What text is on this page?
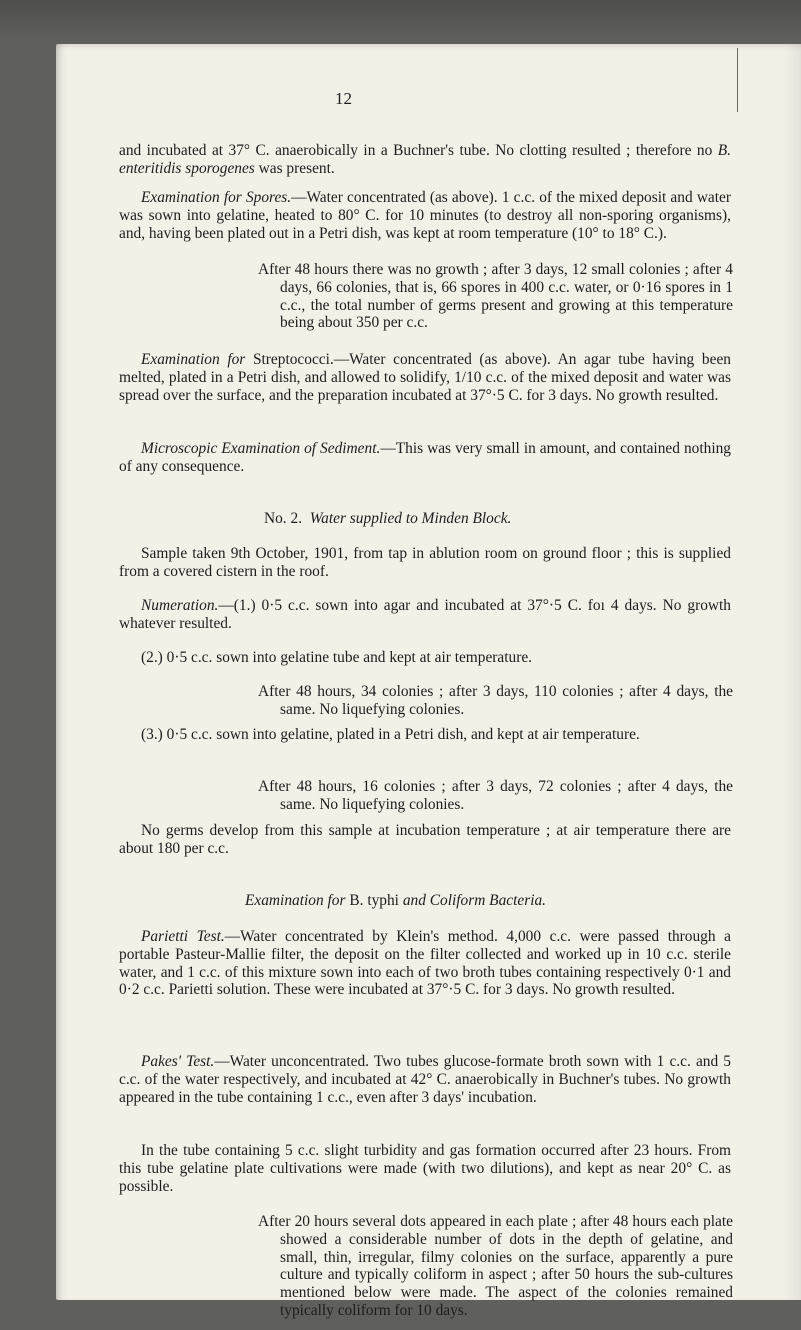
12

and incubated at 37° C. anaerobically in a Buchner's tube. No clotting resulted ; therefore no B. enteritidis sporogenes was present.

Examination for Spores.—Water concentrated (as above). 1 c.c. of the mixed deposit and water was sown into gelatine, heated to 80° C. for 10 minutes (to destroy all non-sporing organisms), and, having been plated out in a Petri dish, was kept at room temperature (10° to 18° C.).

After 48 hours there was no growth ; after 3 days, 12 small colonies ; after 4 days, 66 colonies, that is, 66 spores in 400 c.c. water, or 0·16 spores in 1 c.c., the total number of germs present and growing at this temperature being about 350 per c.c.

Examination for Streptococci.—Water concentrated (as above). An agar tube having been melted, plated in a Petri dish, and allowed to solidify, 1/10 c.c. of the mixed deposit and water was spread over the surface, and the preparation incubated at 37°·5 C. for 3 days. No growth resulted.

Microscopic Examination of Sediment.—This was very small in amount, and contained nothing of any consequence.

No. 2. Water supplied to Minden Block.

Sample taken 9th October, 1901, from tap in ablution room on ground floor ; this is supplied from a covered cistern in the roof.

Numeration.—(1.) 0·5 c.c. sown into agar and incubated at 37°·5 C. foı 4 days. No growth whatever resulted.

(2.) 0·5 c.c. sown into gelatine tube and kept at air temperature.

After 48 hours, 34 colonies ; after 3 days, 110 colonies ; after 4 days, the same. No liquefying colonies.

(3.) 0·5 c.c. sown into gelatine, plated in a Petri dish, and kept at air temperature.

After 48 hours, 16 colonies ; after 3 days, 72 colonies ; after 4 days, the same. No liquefying colonies.

No germs develop from this sample at incubation temperature ; at air temperature there are about 180 per c.c.

Examination for B. typhi and Coliform Bacteria.

Parietti Test.—Water concentrated by Klein's method. 4,000 c.c. were passed through a portable Pasteur-Mallie filter, the deposit on the filter collected and worked up in 10 c.c. sterile water, and 1 c.c. of this mixture sown into each of two broth tubes containing respectively 0·1 and 0·2 c.c. Parietti solution. These were incubated at 37°·5 C. for 3 days. No growth resulted.

Pakes' Test.—Water unconcentrated. Two tubes glucose-formate broth sown with 1 c.c. and 5 c.c. of the water respectively, and incubated at 42° C. anaerobically in Buchner's tubes. No growth appeared in the tube containing 1 c.c., even after 3 days' incubation.

In the tube containing 5 c.c. slight turbidity and gas formation occurred after 23 hours. From this tube gelatine plate cultivations were made (with two dilutions), and kept as near 20° C. as possible.

After 20 hours several dots appeared in each plate ; after 48 hours each plate showed a considerable number of dots in the depth of gelatine, and small, thin, irregular, filmy colonies on the surface, apparently a pure culture and typically coliform in aspect ; after 50 hours the sub-cultures mentioned below were made. The aspect of the colonies remained typically coliform for 10 days.
